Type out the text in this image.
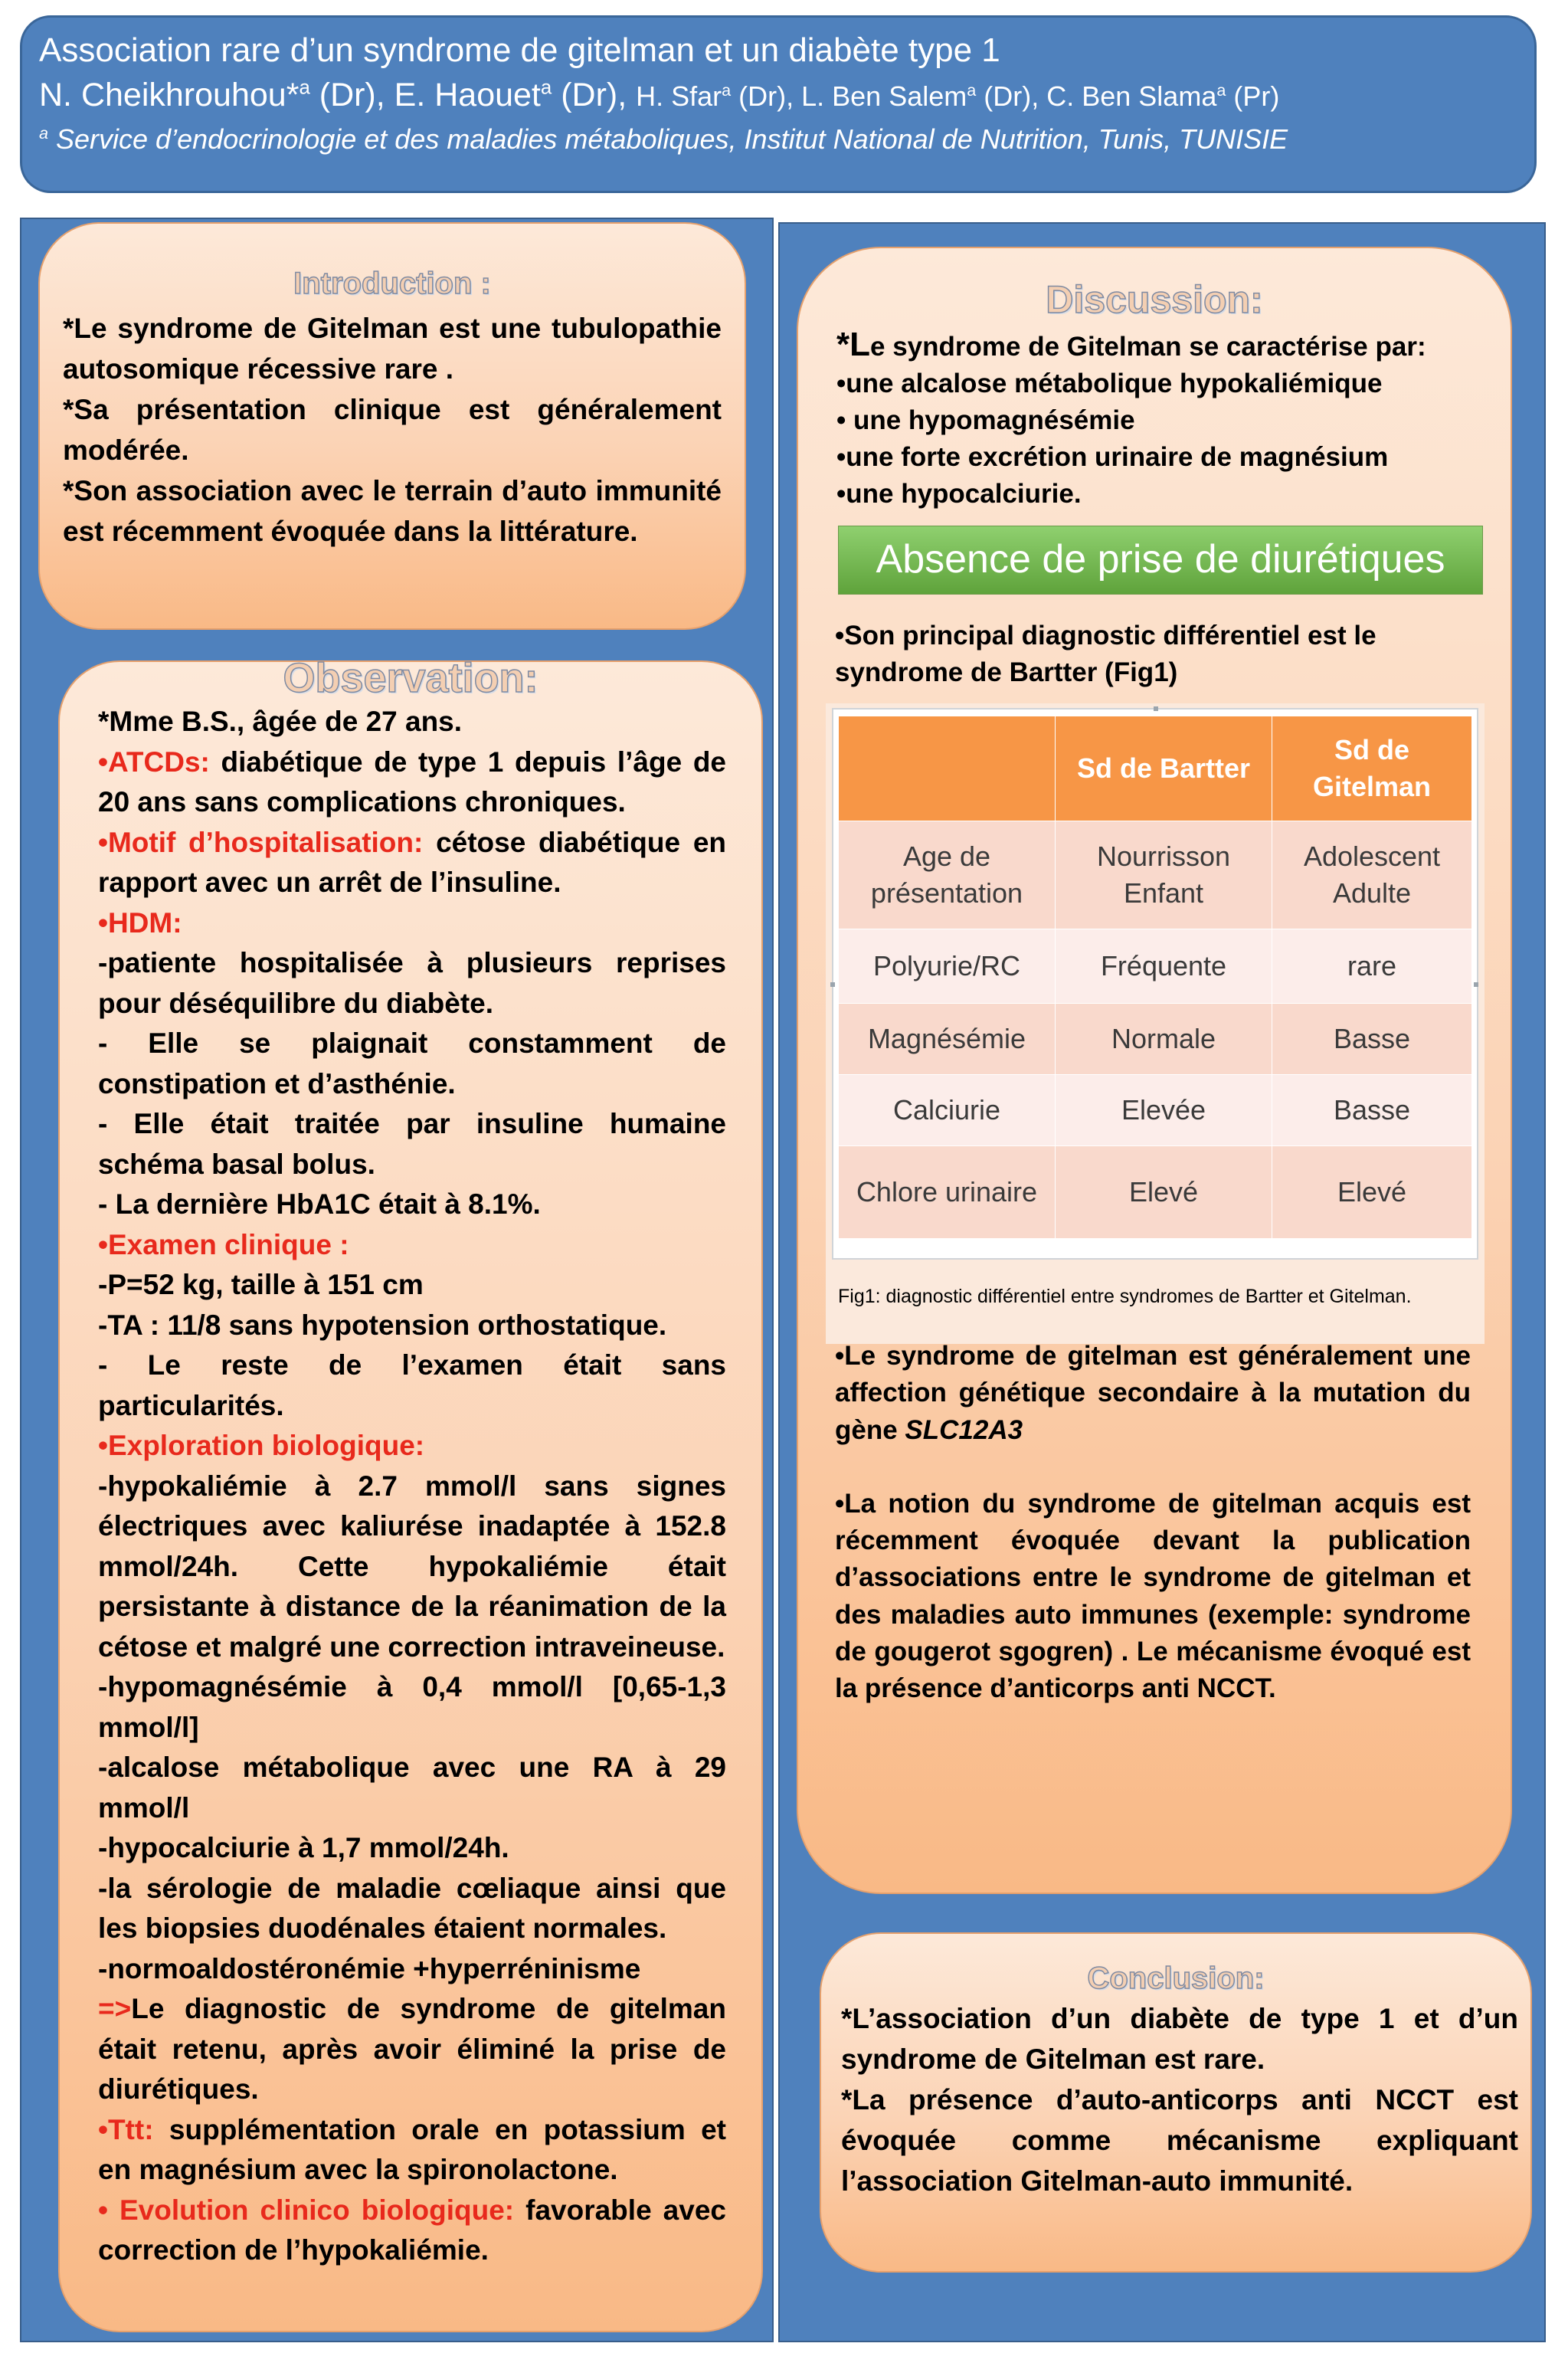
Association rare d’un syndrome de gitelman et un diabète type 1
N. Cheikhrouhou*$^a$ (Dr), E. Haouet$^a$ (Dr), H. Sfar$^a$ (Dr), L. Ben Salem$^a$ (Dr), C. Ben Slama$^a$ (Pr)
$^a$ Service d’endocrinologie et des maladies métaboliques, Institut National de Nutrition, Tunis, TUNISIE
Introduction :

*Le syndrome de Gitelman est une tubulopathie autosomique récessive rare .

*Sa présentation clinique est généralement modérée.

*Son association avec le terrain d’auto immunité est récemment évoquée dans la littérature.

Observation:

*Mme B.S., âgée de 27 ans.

•ATCDs: diabétique de type 1 depuis l’âge de 20 ans sans complications chroniques.

•Motif d’hospitalisation: cétose diabétique en rapport avec un arrêt de l’insuline.

•HDM:

-patiente hospitalisée à plusieurs reprises pour déséquilibre du diabète.

- Elle se plaignait constamment de constipation et d’asthénie.

- Elle était traitée par insuline humaine schéma basal bolus.

- La dernière HbA1C était à 8.1%.

•Examen clinique :

-P=52 kg, taille à 151 cm

-TA : 11/8 sans hypotension orthostatique.

- Le reste de l’examen était sans particularités.

•Exploration biologique:

-hypokaliémie à 2.7 mmol/l sans signes électriques avec kaliurése inadaptée à 152.8 mmol/24h. Cette hypokaliémie était persistante à distance de la réanimation de la cétose et malgré une correction intraveineuse.

-hypomagnésémie à 0,4 mmol/l [0,65-1,3 mmol/l]

-alcalose métabolique avec une RA à 29 mmol/l

-hypocalciurie à 1,7 mmol/24h.

-la sérologie de maladie cœliaque ainsi que les biopsies duodénales étaient normales.

-normoaldostéronémie +hyperréninisme

=>Le diagnostic de syndrome de gitelman était retenu, après avoir éliminé la prise de diurétiques.

•Ttt: supplémentation orale en potassium et en magnésium avec la spironolactone.

• Evolution clinico biologique: favorable avec correction de l’hypokaliémie.

Discussion:

*Le syndrome de Gitelman se caractérise par:

•une alcalose métabolique hypokaliémique

• une hypomagnésémie

•une forte excrétion urinaire de magnésium

•une hypocalciurie.

Absence de prise de diurétiques
•Son principal diagnostic différentiel est le syndrome de Bartter (Fig1)
	Sd de Bartter	Sd de Gitelman
Age de présentation	Nourrisson Enfant	Adolescent Adulte
Polyurie/RC	Fréquente	rare
Magnésémie	Normale	Basse
Calciurie	Elevée	Basse
Chlore urinaire	Elevé	Elevé
Fig1: diagnostic différentiel entre syndromes de Bartter et Gitelman.

•Le syndrome de gitelman est généralement une affection génétique secondaire à la mutation du gène SLC12A3

•La notion du syndrome de gitelman acquis est récemment évoquée devant la publication d’associations entre le syndrome de gitelman et des maladies auto immunes (exemple: syndrome de gougerot sgogren) . Le mécanisme évoqué est la présence d’anticorps anti NCCT.

Conclusion:

*L’association d’un diabète de type 1 et d’un syndrome de Gitelman est rare.

*La présence d’auto-anticorps anti NCCT est évoquée comme mécanisme expliquant l’association Gitelman-auto immunité.
